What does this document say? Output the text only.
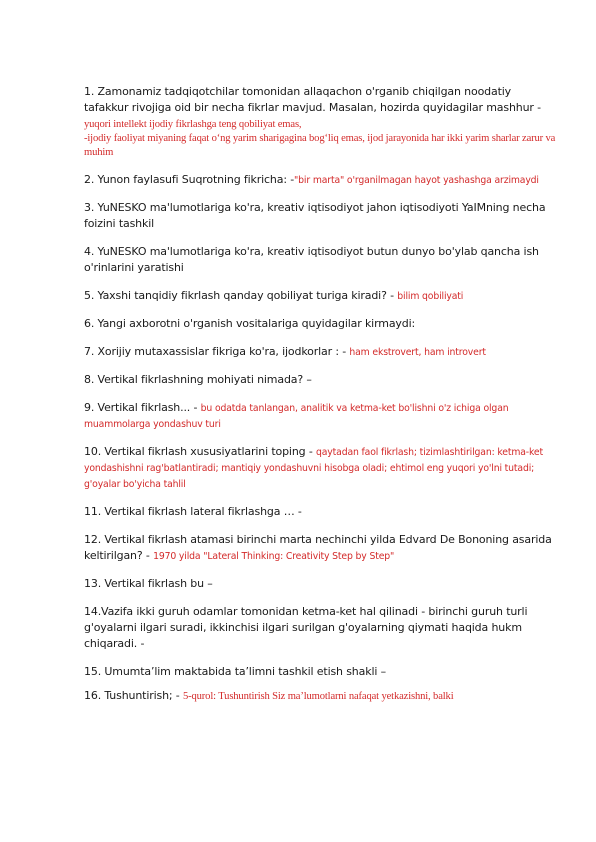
1. Zamonamiz tadqiqotchilar tomonidan allaqachon o'rganib chiqilgan noodatiy tafakkur rivojiga oid bir necha fikrlar mavjud. Masalan, hozirda quyidagilar mashhur - yuqori intellekt ijodiy fikrlashga teng qobiliyat emas,
-ijodiy faoliyat miyaning faqat o‘ng yarim sharigagina bog‘liq emas, ijod jarayonida har ikki yarim sharlar zarur va muhim

2. Yunon faylasufi Suqrotning fikricha: -"bir marta" o'rganilmagan hayot yashashga arzimaydi

3. YuNESKO ma'lumotlariga ko'ra, kreativ iqtisodiyot jahon iqtisodiyoti YaIMning necha foizini tashkil

4. YuNESKO ma'lumotlariga ko'ra, kreativ iqtisodiyot butun dunyo bo'ylab qancha ish o'rinlarini yaratishi

5. Yaxshi tanqidiy fikrlash qanday qobiliyat turiga kiradi? - bilim qobiliyati

6. Yangi axborotni o'rganish vositalariga quyidagilar kirmaydi:

7. Xorijiy mutaxassislar fikriga ko'ra, ijodkorlar : - ham ekstrovert, ham introvert

8. Vertikal fikrlashning mohiyati nimada? –

9. Vertikal fikrlash... - bu odatda tanlangan, analitik va ketma-ket bo'lishni o'z ichiga olgan muammolarga yondashuv turi

10. Vertikal fikrlash xususiyatlarini toping - qaytadan faol fikrlash; tizimlashtirilgan: ketma-ket yondashishni rag'batlantiradi; mantiqiy yondashuvni hisobga oladi; ehtimol eng yuqori yo'lni tutadi; g'oyalar bo'yicha tahlil

11. Vertikal fikrlash lateral fikrlashga … -

12. Vertikal fikrlash atamasi birinchi marta nechinchi yilda Edvard De Bononing asarida keltirilgan? - 1970 yilda "Lateral Thinking: Creativity Step by Step"

13. Vertikal fikrlash bu –

14.Vazifa ikki guruh odamlar tomonidan ketma-ket hal qilinadi - birinchi guruh turli g'oyalarni ilgari suradi, ikkinchisi ilgari surilgan g'oyalarning qiymati haqida hukm chiqaradi. -

15. Umumta’lim maktabida ta’limni tashkil etish shakli –

16. Tushuntirish; - 5-qurol: Tushuntirish Siz ma’lumotlarni nafaqat yetkazishni, balki
